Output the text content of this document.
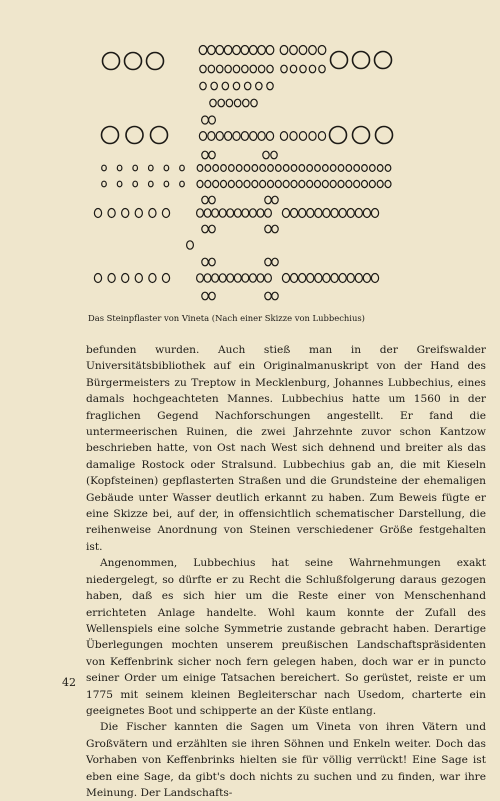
Das Steinpflaster von Vineta (Nach einer Skizze von Lubbechius)

befunden wurden. Auch stieß man in der Greifswalder Universitätsbibliothek auf ein Originalmanuskript von der Hand des Bürgermeisters zu Treptow in Mecklenburg, Johannes Lubbechius, eines damals hochgeachteten Mannes. Lubbechius hatte um 1560 in der fraglichen Gegend Nachforschungen angestellt. Er fand die untermeerischen Ruinen, die zwei Jahrzehnte zuvor schon Kantzow beschrieben hatte, von Ost nach West sich dehnend und breiter als das damalige Rostock oder Stralsund. Lubbechius gab an, die mit Kieseln (Kopfsteinen) gepflasterten Straßen und die Grundsteine der ehemaligen Gebäude unter Wasser deutlich erkannt zu haben. Zum Beweis fügte er eine Skizze bei, auf der, in offensichtlich schematischer Darstellung, die reihenweise Anordnung von Steinen verschiedener Größe festgehalten ist.

Angenommen, Lubbechius hat seine Wahrnehmungen exakt niedergelegt, so dürfte er zu Recht die Schlußfolgerung daraus gezogen haben, daß es sich hier um die Reste einer von Menschenhand errichteten Anlage handelte. Wohl kaum konnte der Zufall des Wellenspiels eine solche Symmetrie zustande gebracht haben. Derartige Überlegungen mochten unserem preußischen Landschaftspräsidenten von Keffenbrink sicher noch fern gelegen haben, doch war er in puncto seiner Order um einige Tatsachen bereichert. So gerüstet, reiste er um 1775 mit seinem kleinen Begleiterschar nach Usedom, charterte ein geeignetes Boot und schipperte an der Küste entlang.

Die Fischer kannten die Sagen um Vineta von ihren Vätern und Großvätern und erzählten sie ihren Söhnen und Enkeln weiter. Doch das Vorhaben von Keffenbrinks hielten sie für völlig verrückt! Eine Sage ist eben eine Sage, da gibt's doch nichts zu suchen und zu finden, war ihre Meinung. Der Landschafts-

42
